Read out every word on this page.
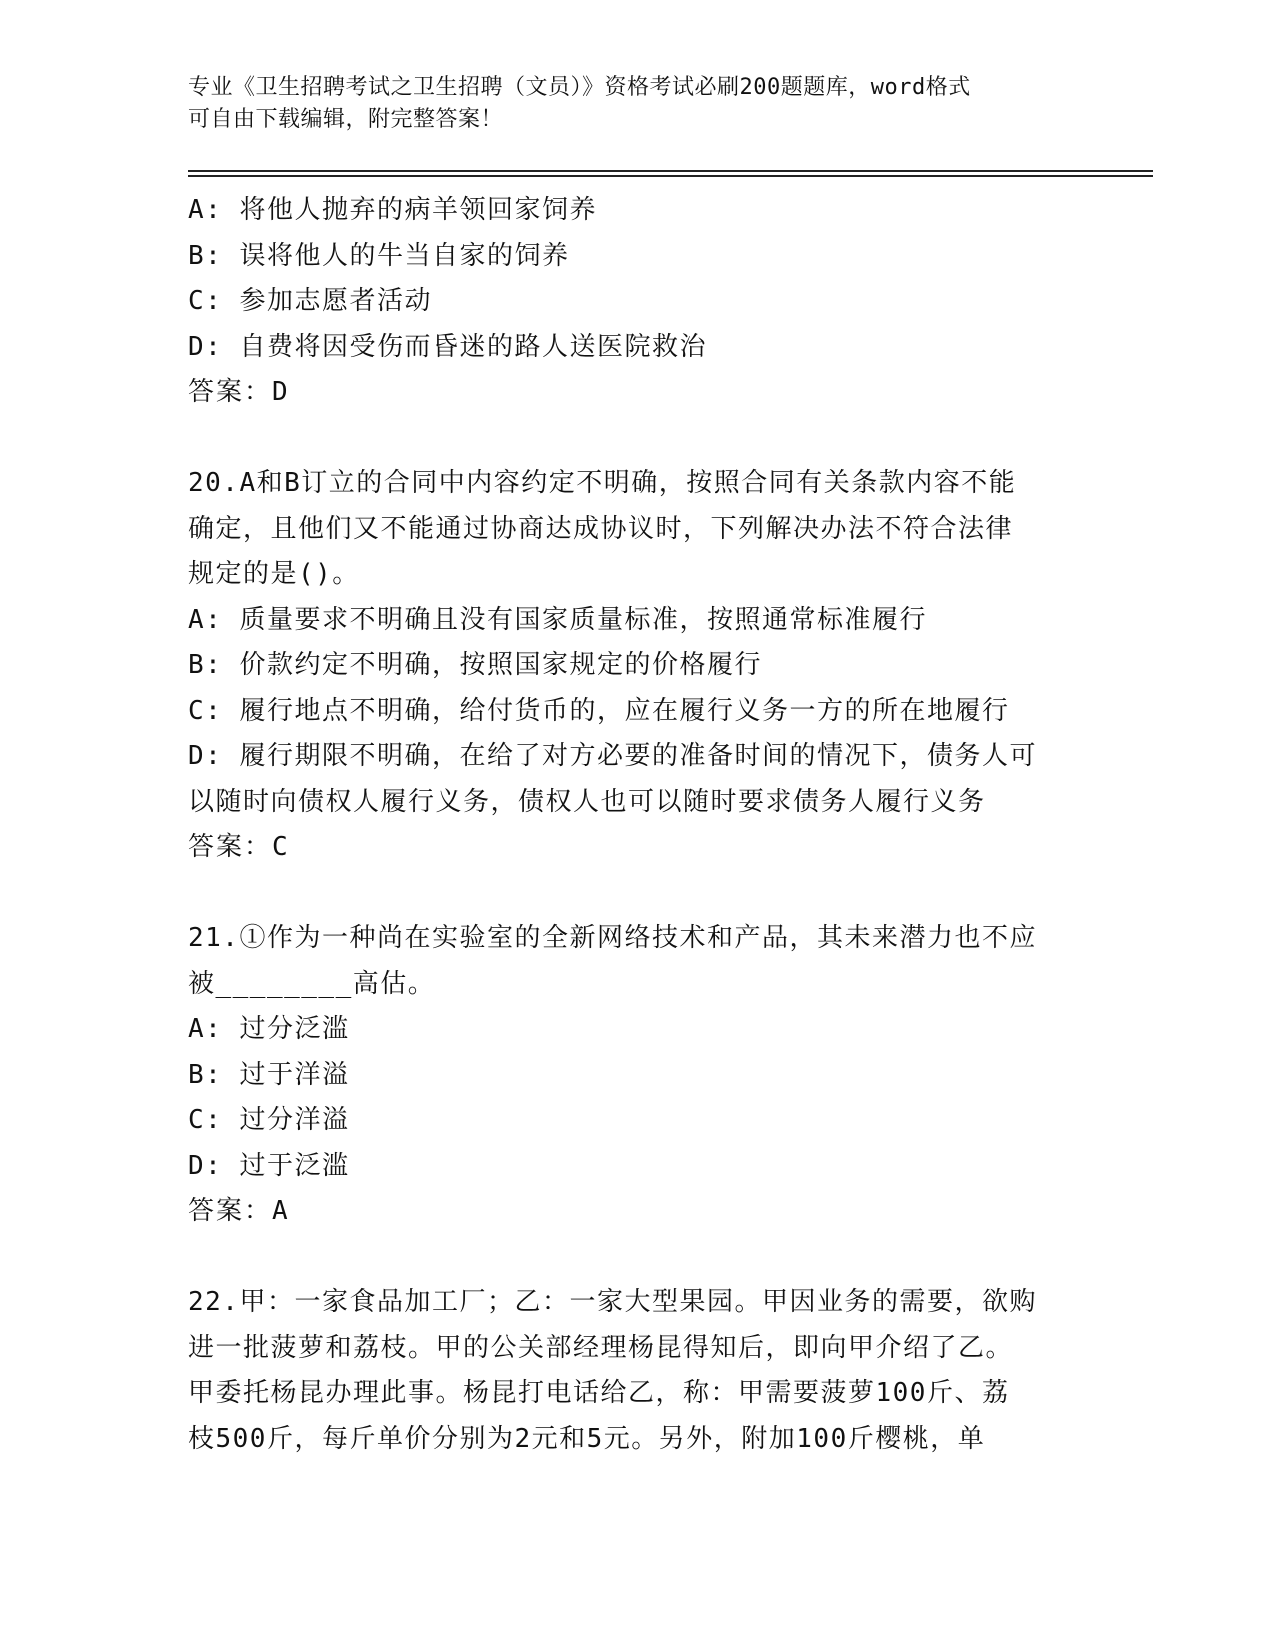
专业《卫生招聘考试之卫生招聘（文员）》资格考试必刷200题题库，word格式
可自由下载编辑，附完整答案！
A: 将他人抛弃的病羊领回家饲养
B: 误将他人的牛当自家的饲养
C: 参加志愿者活动
D: 自费将因受伤而昏迷的路人送医院救治
答案：D
20.A和B订立的合同中内容约定不明确，按照合同有关条款内容不能
确定，且他们又不能通过协商达成协议时，下列解决办法不符合法律
规定的是()。
A: 质量要求不明确且没有国家质量标准，按照通常标准履行
B: 价款约定不明确，按照国家规定的价格履行
C: 履行地点不明确，给付货币的，应在履行义务一方的所在地履行
D: 履行期限不明确，在给了对方必要的准备时间的情况下，债务人可
以随时向债权人履行义务，债权人也可以随时要求债务人履行义务
答案：C
21.①作为一种尚在实验室的全新网络技术和产品，其未来潜力也不应
被________高估。
A: 过分泛滥
B: 过于洋溢
C: 过分洋溢
D: 过于泛滥
答案：A
22.甲：一家食品加工厂；乙：一家大型果园。甲因业务的需要，欲购
进一批菠萝和荔枝。甲的公关部经理杨昆得知后，即向甲介绍了乙。
甲委托杨昆办理此事。杨昆打电话给乙，称：甲需要菠萝100斤、荔
枝500斤，每斤单价分别为2元和5元。另外，附加100斤樱桃，单
